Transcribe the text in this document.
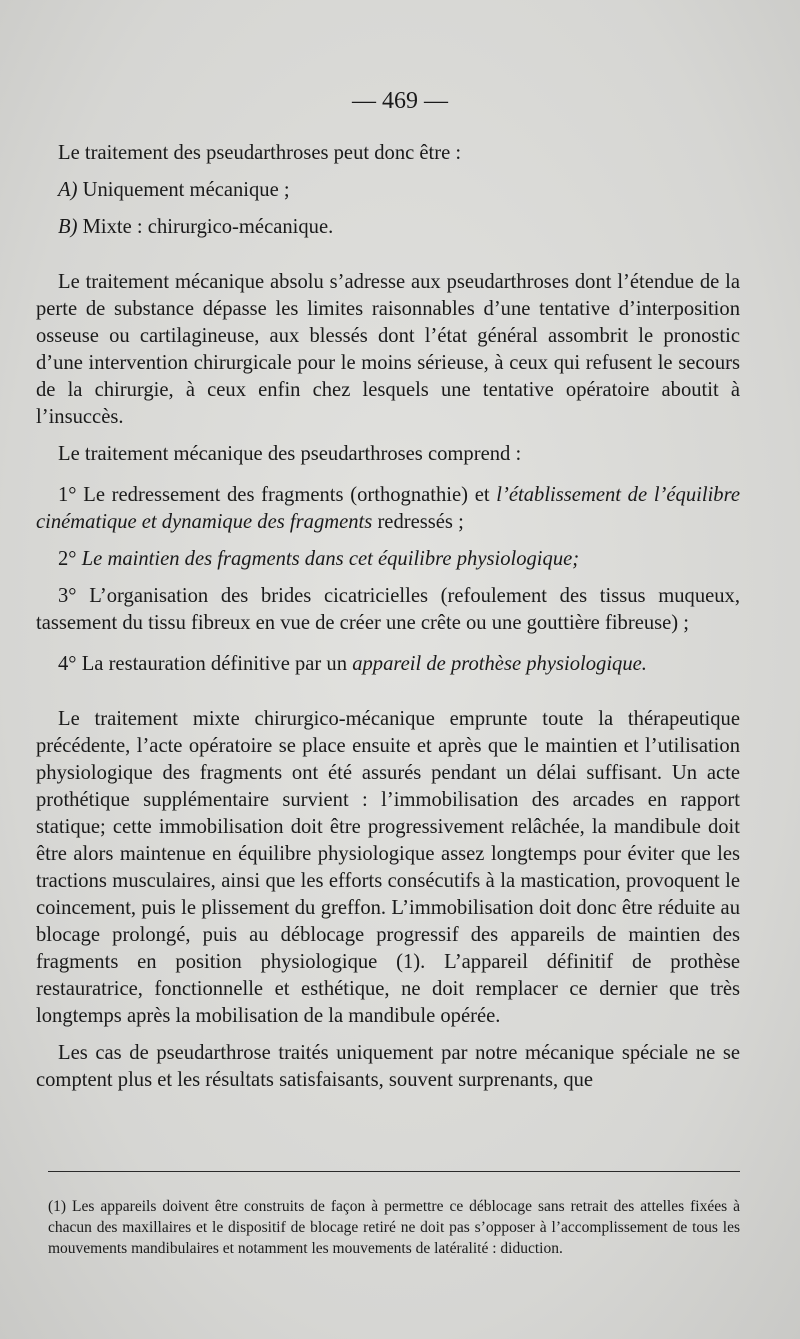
— 469 —

Le traitement des pseudarthroses peut donc être :

A) Uniquement mécanique ;

B) Mixte : chirurgico-mécanique.

Le traitement mécanique absolu s’adresse aux pseudarthroses dont l’étendue de la perte de substance dépasse les limites raisonnables d’une tentative d’interposition osseuse ou cartilagineuse, aux blessés dont l’état général assombrit le pronostic d’une intervention chirurgicale pour le moins sérieuse, à ceux qui refusent le secours de la chirurgie, à ceux enfin chez lesquels une tentative opératoire aboutit à l’insuccès.

Le traitement mécanique des pseudarthroses comprend :

1° Le redressement des fragments (orthognathie) et l’établissement de l’équilibre cinématique et dynamique des fragments redressés ;

2° Le maintien des fragments dans cet équilibre physiologique;

3° L’organisation des brides cicatricielles (refoulement des tissus muqueux, tassement du tissu fibreux en vue de créer une crête ou une gouttière fibreuse) ;

4° La restauration définitive par un appareil de prothèse physiologique.

Le traitement mixte chirurgico-mécanique emprunte toute la thérapeutique précédente, l’acte opératoire se place ensuite et après que le maintien et l’utilisation physiologique des fragments ont été assurés pendant un délai suffisant. Un acte prothétique supplémentaire survient : l’immobilisation des arcades en rapport statique; cette immobilisation doit être progressivement relâchée, la mandibule doit être alors maintenue en équilibre physiologique assez longtemps pour éviter que les tractions musculaires, ainsi que les efforts consécutifs à la mastication, provoquent le coincement, puis le plissement du greffon. L’immobilisation doit donc être réduite au blocage prolongé, puis au déblocage progressif des appareils de maintien des fragments en position physiologique (1). L’appareil définitif de prothèse restauratrice, fonctionnelle et esthétique, ne doit remplacer ce dernier que très longtemps après la mobilisation de la mandibule opérée.

Les cas de pseudarthrose traités uniquement par notre mécanique spéciale ne se comptent plus et les résultats satisfaisants, souvent surprenants, que

(1) Les appareils doivent être construits de façon à permettre ce déblocage sans retrait des attelles fixées à chacun des maxillaires et le dispositif de blocage retiré ne doit pas s’opposer à l’accomplissement de tous les mouvements mandibulaires et notamment les mouvements de latéralité : diduction.
